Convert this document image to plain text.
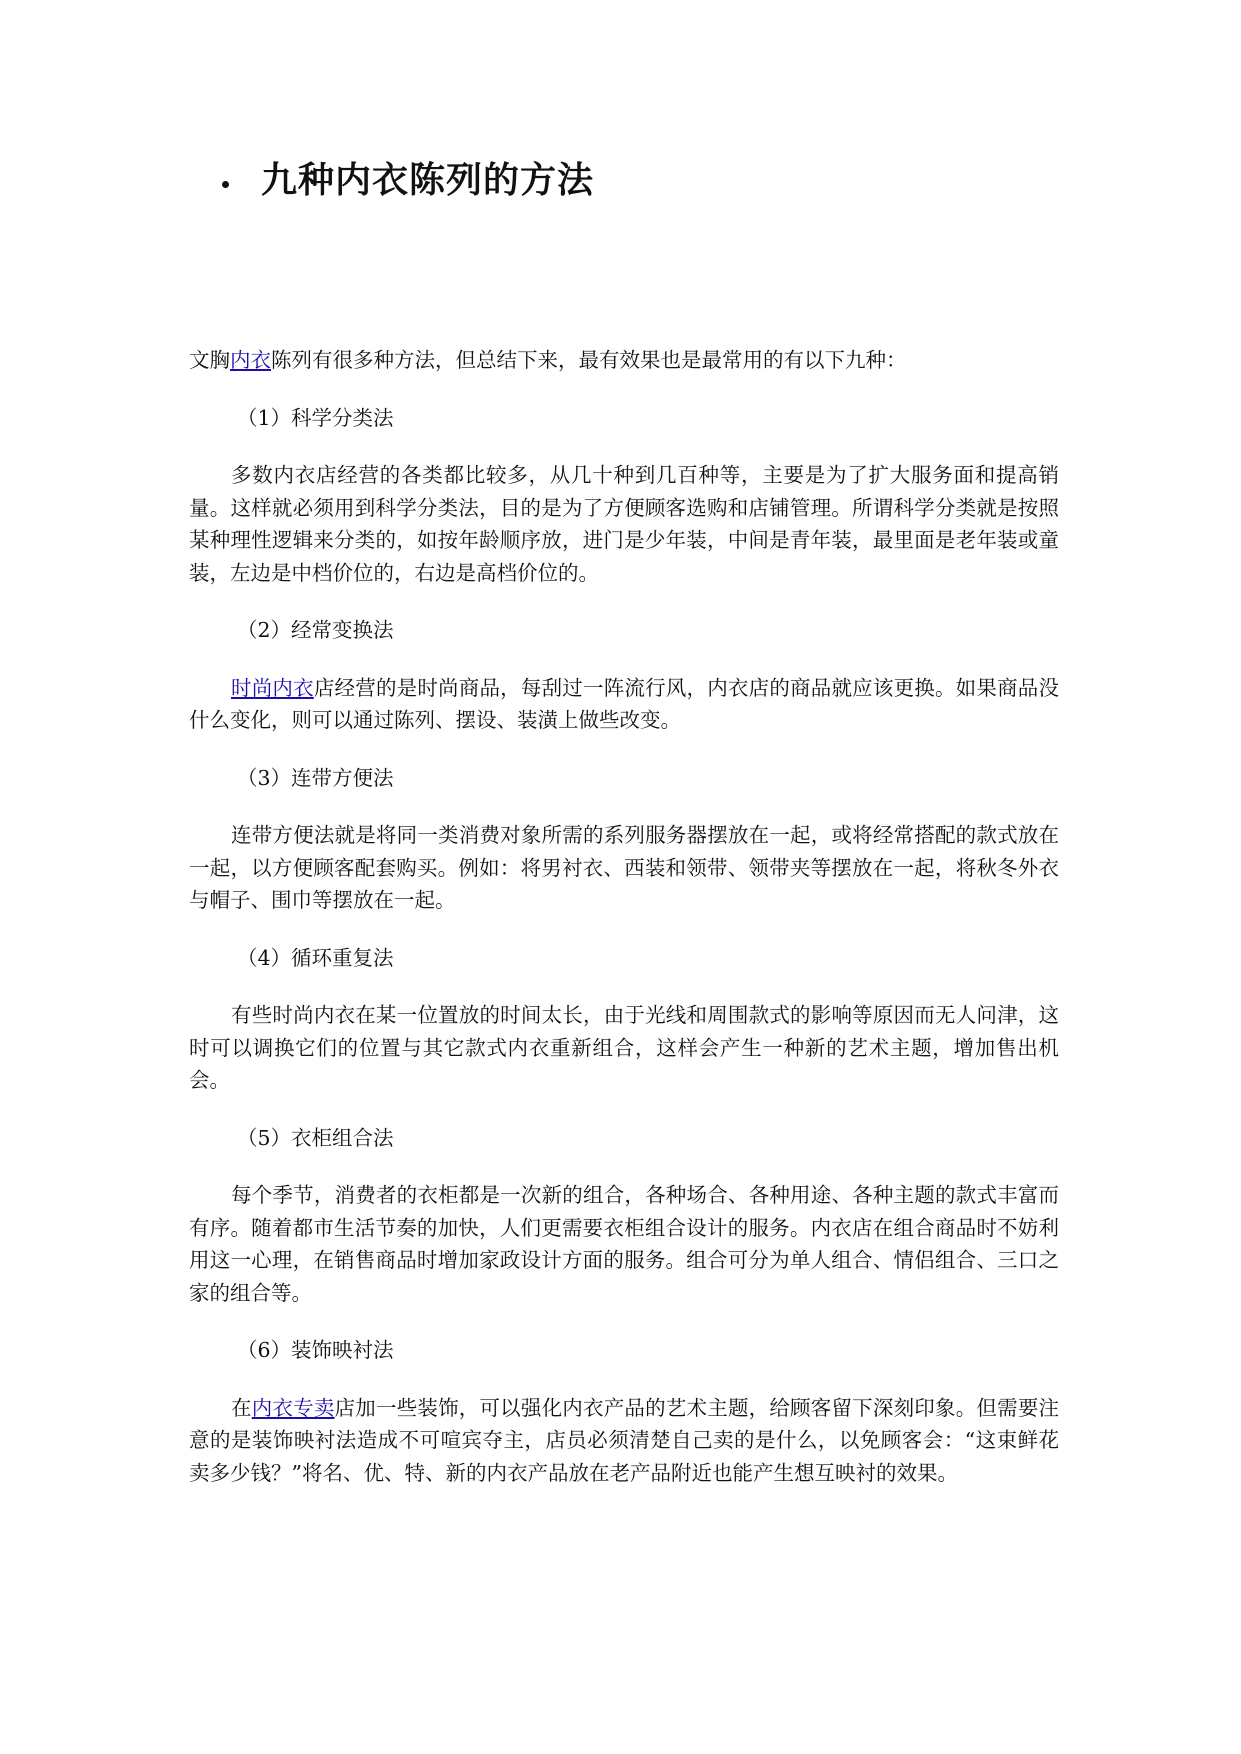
九种内衣陈列的方法

文胸内衣陈列有很多种方法，但总结下来，最有效果也是最常用的有以下九种：

（1）科学分类法

多数内衣店经营的各类都比较多，从几十种到几百种等，主要是为了扩大服务面和提高销量。这样就必须用到科学分类法，目的是为了方便顾客选购和店铺管理。所谓科学分类就是按照某种理性逻辑来分类的，如按年龄顺序放，进门是少年装，中间是青年装，最里面是老年装或童装，左边是中档价位的，右边是高档价位的。

（2）经常变换法

时尚内衣店经营的是时尚商品，每刮过一阵流行风，内衣店的商品就应该更换。如果商品没什么变化，则可以通过陈列、摆设、装潢上做些改变。

（3）连带方便法

连带方便法就是将同一类消费对象所需的系列服务器摆放在一起，或将经常搭配的款式放在一起，以方便顾客配套购买。例如：将男衬衣、西装和领带、领带夹等摆放在一起，将秋冬外衣与帽子、围巾等摆放在一起。

（4）循环重复法

有些时尚内衣在某一位置放的时间太长，由于光线和周围款式的影响等原因而无人问津，这时可以调换它们的位置与其它款式内衣重新组合，这样会产生一种新的艺术主题，增加售出机会。

（5）衣柜组合法

每个季节，消费者的衣柜都是一次新的组合，各种场合、各种用途、各种主题的款式丰富而有序。随着都市生活节奏的加快，人们更需要衣柜组合设计的服务。内衣店在组合商品时不妨利用这一心理，在销售商品时增加家政设计方面的服务。组合可分为单人组合、情侣组合、三口之家的组合等。

（6）装饰映衬法

在内衣专卖店加一些装饰，可以强化内衣产品的艺术主题，给顾客留下深刻印象。但需要注意的是装饰映衬法造成不可喧宾夺主，店员必须清楚自己卖的是什么，以免顾客会：“这束鲜花卖多少钱？”将名、优、特、新的内衣产品放在老产品附近也能产生想互映衬的效果。
